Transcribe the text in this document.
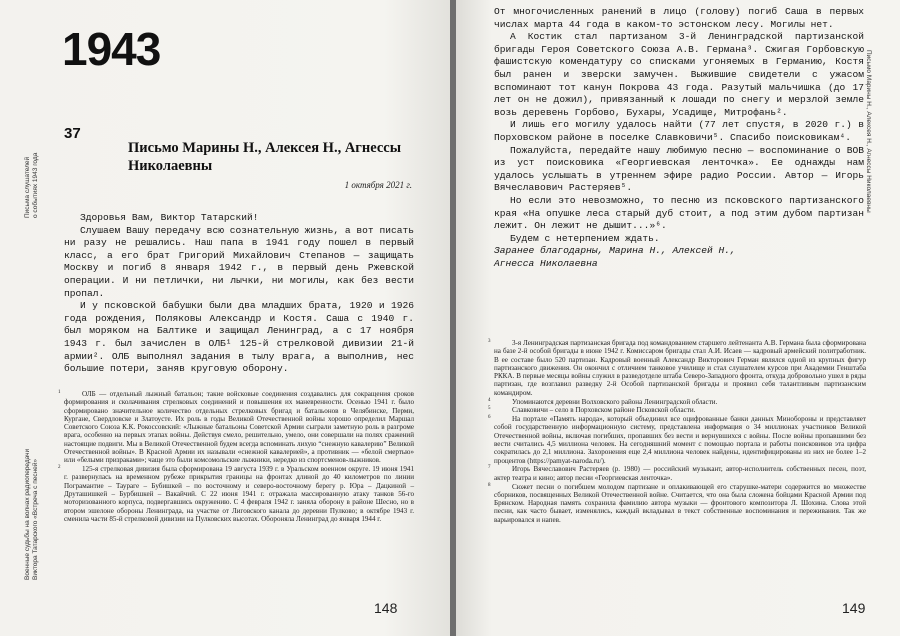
1943
Письма слушателей о событиях 1943 года
37
Письмо Марины Н., Алексея Н., Агнессы Николаевны
1 октября 2021 г.

Здоровья Вам, Виктор Татарский!

Слушаем Вашу передачу всю сознательную жизнь, а вот писать ни разу не решались. Наш папа в 1941 году пошел в первый класс, а его брат Григорий Михайлович Степанов — защищать Москву и погиб 8 января 1942 г., в первый день Ржевской операции. И ни петлички, ни лычки, ни могилы, как без вести пропал.

И у псковской бабушки были два младших брата, 1920 и 1926 года рождения, Поляковы Александр и Костя. Саша с 1940 г. был моряком на Балтике и защищал Ленинград, а с 17 ноября 1943 г. был зачислен в ОЛБ¹ 125-й стрелковой дивизии 21-й армии². ОЛБ выполнял задания в тылу врага, а выполнив, нес большие потери, заняв круговую оборону.

1	ОЛБ — отдельный лыжный батальон; такие войсковые соединения создавались для сокращения сроков формирования и сколачивания стрелковых соединений и повышения их маневренности. Осенью 1941 г. было сформировано значительное количество отдельных стрелковых бригад и батальонов в Челябинске, Перми, Кургане, Свердловске и Златоусте. Их роль в годы Великой Отечественной войны хорошо определил Маршал Советского Союза К.К. Рокоссовский: «Лыжные батальоны Советской Армии сыграли заметную роль в разгроме врага, особенно на первых этапах войны. Действуя смело, решительно, умело, они совершали на полях сражений настоящие подвиги. Мы в Великой Отечественной будем всегда вспоминать лихую “снежную кавалерию” Великой Отечественной войны». В Красной Армии их называли «снежной кавалерией», а противник — «белой смертью» или «белыми призраками»; чаще это были комсомольские лыжники, нередко из спортсменов-лыжников.
2	125-я стрелковая дивизия была сформирована 19 августа 1939 г. в Уральском военном округе. 19 июня 1941 г. развернулась на временном рубеже прикрытия границы на фронтах длиной до 40 километров по линии Пограмантие – Таураге – Бубишкей – по восточному и северо-восточному берегу р. Юра – Дацкиной – Друташишкей – Бурбишкей – Вакайчий. С 22 июня 1941 г. отражала массированную атаку танков 56-го моторизованного корпуса, подвергавшись окружению. С 4 февраля 1942 г. заняла оборону в районе Шесно, но в втором эшелоне обороны Ленинграда, на участке от Лиговского канала до деревни Пулково; в октябре 1943 г. сменила части 85-й стрелковой дивизии на Пулковских высотах. Оборонялa Ленинград до января 1944 г.
Военные судьбы на волнах радиопередачи Виктора Татарского «Встреча с песней»
148

От многочисленных ранений в лицо (голову) погиб Саша в первых числах марта 44 года в каком-то эстонском лесу. Могилы нет.

А Костик стал партизаном 3-й Ленинградской партизанской бригады Героя Советского Союза А.В. Германа³. Сжигая Горбовскую фашистскую комендатуру со списками угоняемых в Германию, Костя был ранен и зверски замучен. Выжившие свидетели с ужасом вспоминают тот канун Покрова 43 года. Разутый мальчишка (до 17 лет он не дожил), привязанный к лошади по снегу и мерзлой земле возь деревень Горбово, Бухары, Усадище, Митрофань².

И лишь его могилу удалось найти (77 лет спустя, в 2020 г.) в Порховском районе в поселке Славковичи⁵. Спасибо поисковикам⁴.

Пожалуйста, передайте нашу любимую песню — воспоминание о ВОВ из уст поисковика «Георгиевская ленточка». Ее однажды нам удалось услышать в утреннем эфире радио России. Автор — Игорь Вячеславович Растеряев⁵.

Но если это невозможно, то песню из псковского партизанского края «На опушке леса старый дуб стоит, а под этим дубом партизан лежит. Он лежит не дышит...»⁶.

Будем с нетерпением ждать.

Заранее благодарны, Марина Н., Алексей Н.,

Агнесса Николаевна

3	3-я Ленинградская партизанская бригада под командованием старшего лейтенанта А.В. Германа была сформирована на базе 2-й особой бригады в июне 1942 г. Комиссаром бригады стал А.И. Исаев — кадровый армейский политработник. В ее составе было 520 партизан. Кадровый военный Александр Викторович Герман являлся одной из крупных фигур партизанского движения. Он окончил с отличием танковое училище и стал слушателем курсов при Академии Генштаба РККА. В первые месяцы войны служил в разведотделе штаба Северо-Западного фронта, откуда добровольно ушел в ряды партизан, где возглавил разведку 2-й Особой партизанской бригады и проявил себя талантливым партизанским командиром.
4	Упоминаются деревни Волховского района Ленинградской области.
5	Славковичи – село в Порховском районе Псковской области.
6	На портале «Память народа», который объединил все оцифрованные банки данных Минобороны и представляет собой государственную информационную систему, представлена информация о 34 миллионах участников Великой Отечественной войны, включая погибших, пропавших без вести и вернувшихся с войны. После войны пропавшими без вести считались 4,5 миллиона человек. На сегодняшний момент с помощью портала и работы поисковиков эта цифра сократилась до 2,1 миллиона. Захоронения еще 2,4 миллиона человек найдены, идентифицированы из них не более 1–2 процентов (https://pamyat-naroda.ru/).
7	Игорь Вячеславович Растеряев (р. 1980) — российский музыкант, автор-исполнитель собственных песен, поэт, актер театра и кино; автор песни «Георгиевская ленточка».
8	Сюжет песни о погибшем молодом партизане и оплакивающей его старушке-матери содержится во множестве сборников, посвященных Великой Отечественной войне. Считается, что она была сложена бойцами Красной Армии под Брянском. Народная память сохранила фамилию автора музыки — фронтового композитора Л. Шохина. Слова этой песни, как часто бывает, изменялись, каждый вкладывал в текст собственные воспоминания и переживания. Так же варьировался и напев.
149
Письмо Марины Н., Алексея Н., Агнессы Николаевны
